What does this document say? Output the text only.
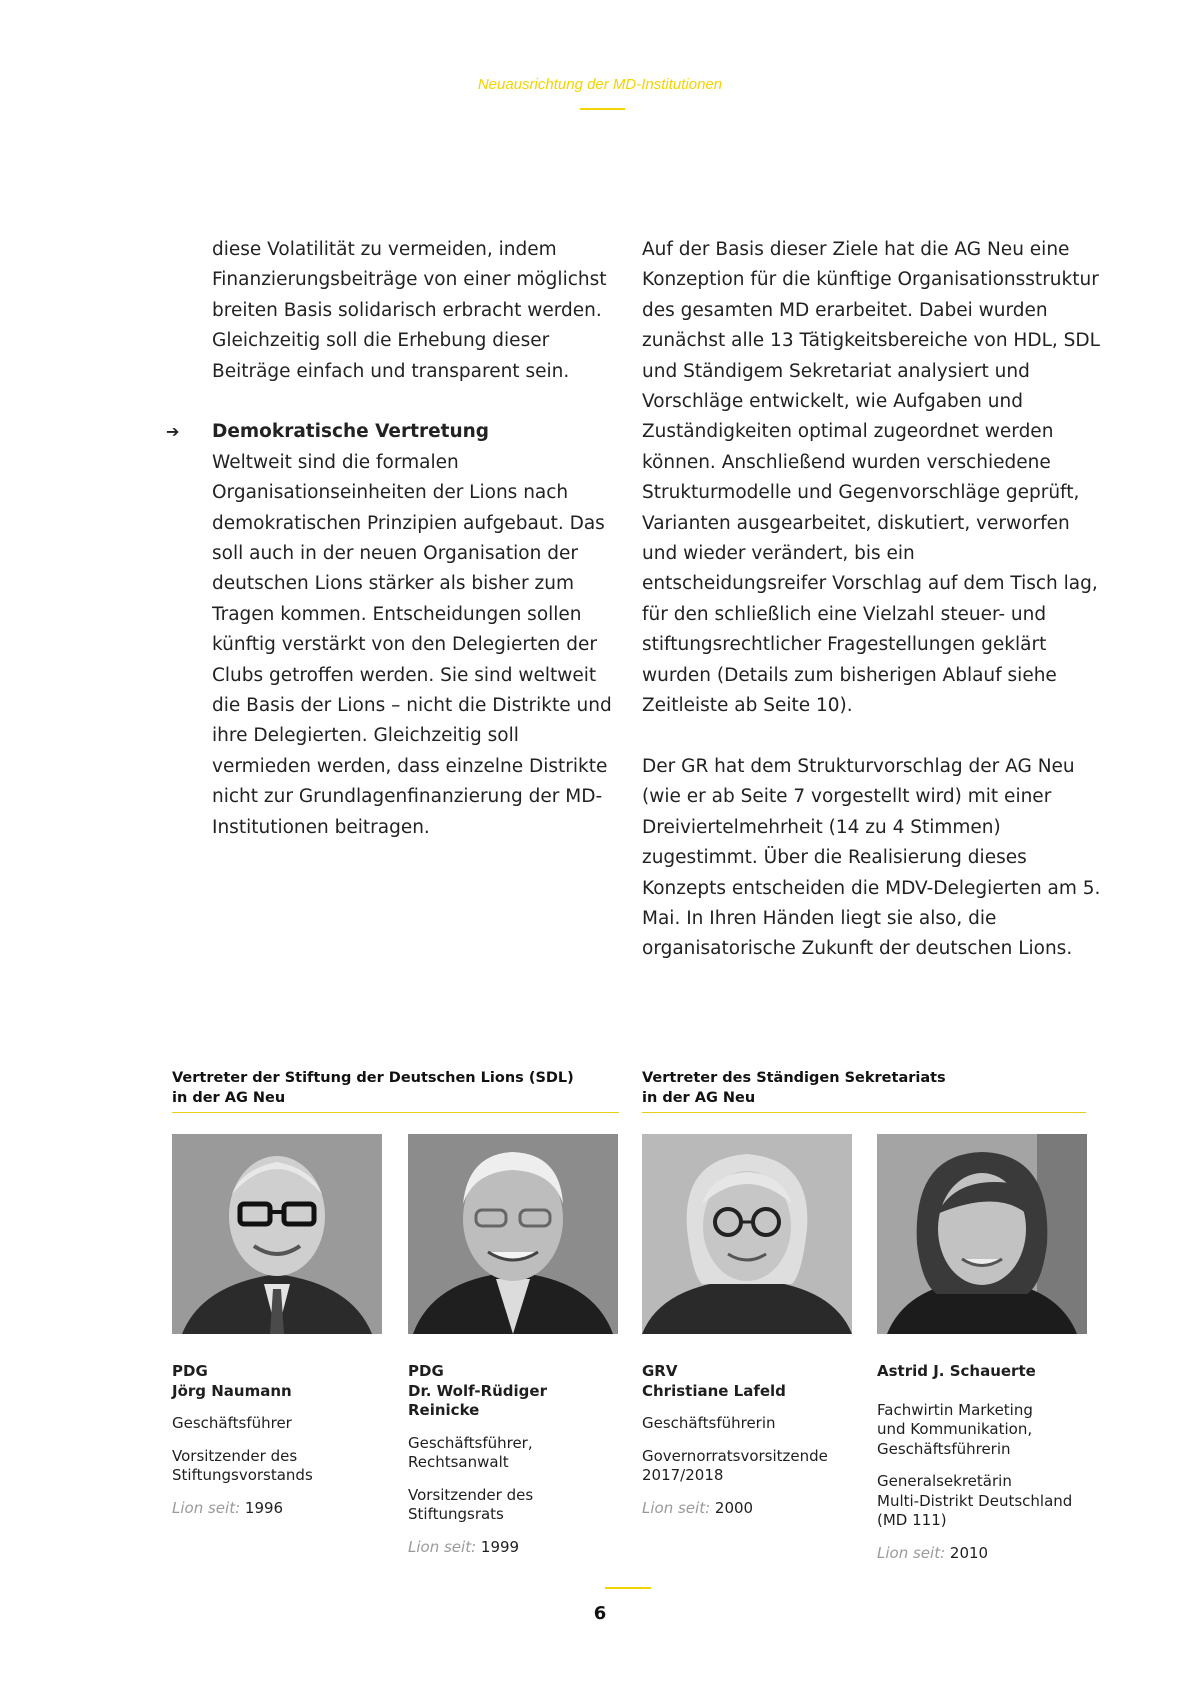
Neuausrichtung der MD-Institutionen

diese Volatilität zu vermeiden, indem Finanzierungsbeiträge von einer möglichst breiten Basis solidarisch erbracht werden. Gleichzeitig soll die Erhebung dieser Beiträge einfach und transparent sein.

➔ Demokratische Vertretung
Weltweit sind die formalen Organisationseinheiten der Lions nach demokratischen Prinzipien aufgebaut. Das soll auch in der neuen Organisation der deutschen Lions stärker als bisher zum Tragen kommen. Entscheidungen sollen künftig verstärkt von den Delegierten der Clubs getroffen werden. Sie sind weltweit die Basis der Lions – nicht die Distrikte und ihre Delegierten. Gleichzeitig soll vermieden werden, dass einzelne Distrikte nicht zur Grundlagenfinanzierung der MD-Institutionen beitragen.

Auf der Basis dieser Ziele hat die AG Neu eine Konzeption für die künftige Organisationsstruktur des gesamten MD erarbeitet. Dabei wurden zunächst alle 13 Tätigkeitsbereiche von HDL, SDL und Ständigem Sekretariat analysiert und Vorschläge entwickelt, wie Aufgaben und Zuständigkeiten optimal zugeordnet werden können. Anschließend wurden verschiedene Strukturmodelle und Gegenvorschläge geprüft, Varianten ausgearbeitet, diskutiert, verworfen und wieder verändert, bis ein entscheidungsreifer Vorschlag auf dem Tisch lag, für den schließlich eine Vielzahl steuer- und stiftungsrechtlicher Fragestellungen geklärt wurden (Details zum bisherigen Ablauf siehe Zeitleiste ab Seite 10).

Der GR hat dem Strukturvorschlag der AG Neu (wie er ab Seite 7 vorgestellt wird) mit einer Dreiviertelmehrheit (14 zu 4 Stimmen) zugestimmt. Über die Realisierung dieses Konzepts entscheiden die MDV-Delegierten am 5. Mai. In Ihren Händen liegt sie also, die organisatorische Zukunft der deutschen Lions.

Vertreter der Stiftung der Deutschen Lions (SDL)
in der AG Neu
Vertreter des Ständigen Sekretariats
in der AG Neu
PDG
Jörg Naumann
Geschäftsführer
Vorsitzender des
Stiftungsvorstands
Lion seit: 1996
PDG
Dr. Wolf-Rüdiger Reinicke
Geschäftsführer,
Rechtsanwalt
Vorsitzender des Stiftungsrats
Lion seit: 1999
GRV
Christiane Lafeld
Geschäftsführerin
Governorratsvorsitzende
2017/2018
Lion seit: 2000
Astrid J. Schauerte
Fachwirtin Marketing
und Kommunikation,
Geschäftsführerin
Generalsekretärin
Multi-Distrikt Deutschland
(MD 111)
Lion seit: 2010
6
